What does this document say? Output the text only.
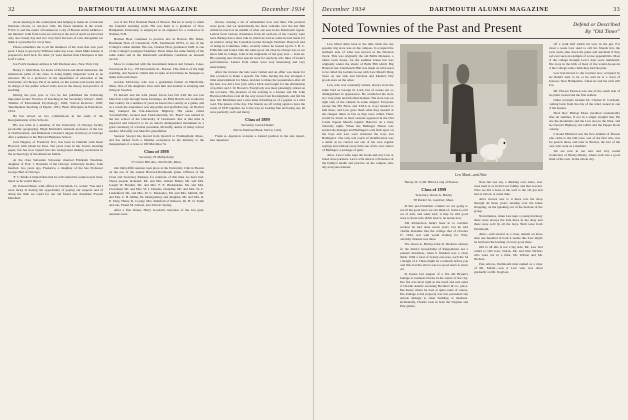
32	DARTMOUTH ALUMNI MAGAZINE	December 1934

about dancing in the countryside and helping to make an occasional hilarious chorus, or out-door club, the finest students in the world. F.W.C.S. and the centre of business in a city of Boston and in addition a ten minutes' walk from town are arrived at the end of April we have had only one cloudy day and two very brief showers of rain. Altogether we think it a paradise for a boy here.

Please remember me to all the members of the class that own your pack. I hope to get up by Whitsun some day soon, when Mike Adeley is prepared to hold Jack. No other 'ya' were merrier than Thompson at that Golf Course.

Joe Ford's business address is 540 Madison Ave., New York City.

Henry C. Merriman, for hours of the black and silent memories, the industrious paths of the class, is doing highly important work as an educator. He is a professor in the department of education at the University of Chicago. He is an author on the various text-books and is in charge of the public school visits and on the theory and practice of teaching.

During the past year or two he has published the following important works: 'Practice of Teaching in the Secondary School', 1926; 'Outline of Educational Psychology', 1926; 'School Reviews', 1930; 'Intermediate Teaching of Pupils', 1931; 'Basic Principles in Education', 1934.

He has served on two commissions in the study of the Reorganization of the Schools.

His son John is a member of the University of Chicago faculty (economic geography). Hugh Merriam's assistant professor of the law at Northwestern, and Rinkstead a master's degree in history at Chicago after a semester at the Harvard Business School.

Jack Hagerty of Freehold, N.J., has been in Durham with Dean Howard, with whom he lives. Ten years were in the Town's morning paper, but has now lapsed into the background making excursions in the archaeology of the American Indian.

At the class Sebastian Schooner, married Elizabeth Newman, daughter of Prof. J. Newman of the Chicago University faculty. John married, two years ago, Frederica, a daughter of the late Professor George Bell of Chicago.

'F. J.' thinks it improbable that he will attend the reunion next June, much as he would like to.

Dr. Edward Bates, with offices in Cincinnati, O., writes: 'You and I were lucky in having the opportunity of paying our respects and of doing the little we could for our old friend and classmate Everett Marshall.'

son of the First National Bank of Boston. But he is ready to mark the founded teaching work. His son Kent is a graduate of New Hampshire University, is employed as an engineer for a contractor in Nashua, N.H.

Herbert Hoar continues to practice law in Boston. His father, Hartmann Hoar of Claremont, N.H., Dartmouth 1870's, is one of the College's oldest alumni. His son, Charles Hoar, graduated 1928, is one of the College's youngest freshmen. Three times the same family of the same name and in the Dartmouth enrollment constitute an unusual record.

Moor is connected with the investment dealers and brokers, Jones, Swartwout & Co., 170 Devonshire St., Boston. This firm is of the high standing, and Spencer claims that in spite of hard times he manages to make both ends meet.

Gordon McClarey, who was a gentleman farmer in Hinchville, Mass. One of his daughters lives with him and another is studying and living in Sweden.

Pa Recent and his wife joined forces last fall with his son last March in a trip through Santo Domingo. As Billy Baird's son worked in that country for a number of years he knows the country as a guide, and as a result the experience was enjoyable and profitable trip. At Bolivar they tramped the Pan-American Highway. His estate called 'Lowlandville', located near Charlottesville, Va. 'Bond' was named in the law school of the University of Cincinnati. Just at this time is expected and believed to be an untold distinguished instrument in a great ceremony of a former president, McGuffy, author of many school readers. McGuffy was Merritt's grandfather.

Spencer Sawyer has moved from Ipswich to Framingham, Mass., and has turned from a lifetime occupation in the ministry to the management of a stone at 169 Merrimac St.

Class of 1898

Secretary, H. Philip Patey

57 Green Hill Ave., Northville, Mass.

Our thirty-fifth reunion took place at the University Club in Boston on the eve of the annual Harvard-Dartmouth game. Officers of the Class and Secretary Ramsey, for reunions of this time we have had. Those present included: Mr. and Mrs. Gilbert Butler, Mr. and Mrs. Joseph W. Bartlett, Mr. and Mrs. F. E. Buckholder, Mr. and Mrs. Cleveland, Mr. and Mrs. W. J. Daniels, Chandler, Mr. and Mrs. W. C. Lindenfeld, Mr. and Mrs. W. C. Mastenier, Mr. and Mrs. Merrill, Mr. and Mrs. C. B. Miller, Dr. Montgomery and daughter, Mr. and Mrs. R. E. Petty, Henry D. Cooley, Mrs. Rumford of Rideout, Dr. H. O. Tellet and son, Ernest M. Gibson, and John R. Spring.

After a fine dinner, Harry Goodall's narration of the lost grad, reunions were

shown, causing a bit of amusement now and then. The pictures were good, and we undoubtedly the most valuable over the last film within its reach as an exhibit of what one sees in the Dartmouth region. Letters from various classmates from all sections of the country were read. Bishop had a short talk in which he told us some he had made for an interior along the Canadian border through Vermont. Bancroft told of being in Columbus, Ohio, recently where he looked up Dr. J. B. C. Edmonds and found John the same good old chap he always was as we knew him in college. John is the ringleader of the grey Gus — Kiel ter. His opening new movies special were for anybody who likes of Grant's performances. Letters from others were very interesting and very entertaining.

After the movies the lads were visited and an affair was made for this occasion to make a speech, but John, having the day arranged a little entertainment for Mess, decided to make the presentation after all his best. Joe did a few jobs with a Dick and fought for the elimination of politics and J. W. Brown's. Everybody was most pleasingly attired on the occasion. The pleasure of the evening is a feature and Mr. John Harrison Maclure rode all the way down from Rockingham, and felt his best. Mr. Merriman sent a nice letter informing us of a gopher or a wild road. The guests of the day. The friends we all voting again to have the event of 1935 together. As to the way, in looking fine and being out, all were perfectly well and merry.

Class of 1899

Secretary, Gwen Dasher

Sierra National Bank, Sierra, Calif.

Frank A. Appleton occupies a trusted position in the sale depart. bus. departure

December 1934	DARTMOUTH ALUMNI MAGAZINE	33
Noted Townies of the Past and Present	Defend or Described
By "Old Timer"

Lew Mead dates back to the time when the one popular dog store was on the campus. It occupied the northern side of what was known as the Davison block. This was originally the old Ballis Mansion, a rather town house, for the summer house but was originally under the shade of Balls Hill which Big Hanover has. Dartmouth Hall was made on what used to be called the Golden Goose with Lew Mead's Drug Store on one side and Davison and Meade's Dry goods store on the other.

Lew, who was constantly attired, always wore the same bold as George D. Lord, but of course not so distinguished in appearance. He conducted his store in a very plain and informal manner. The store was on right side of the campus in some elegant. Everyone except the Pitt Brow and Y.M.C.A. boys headed to him there, and Lew gave them what they needed at the cheaper times as fast as they were called. There would be about as most seasons appeared in the Old Castle Square Mead's regular Hanover on a busy Saturday night. When the Bellinger House was started the manager and Bellinger's only firm sport on the boys and Lew soon stationed the boys and Bellinger's. The only real touch of identification was a smile as he carried out one of his own regular sayings and without every time one of his own cannot of Bellinger, a package of gum.

Alice, Lew's wife, kept the books and saw Lew at ticket store partners. Lew's wife died as a Professor of the family's health and practice on the campus. One day everyone learned.

Lew Mead—and Alice

Hersey W. to Mr. Hilton Long of Boston.

Class of 1899

Secretary, Owen A. Hurley

58 Parker St., Gardner, Mass.

In this pre-Christmas column we are going to put all the good news we can think of. Some is a bit out of date, and some isn't; it may be still good news to those who didn't hear it, he learns now.

Jim Richardson hadn't been in to Gardner because he had done seven years, but he told Charlie Donahue that the college that of October 27, 1934, was well worth visiting for. Why, certainly. Donnie was there.

The Owen A. Hurley-John D. Dickson tourney for the district stewardship of Ruspenburn, not a pennant marathon, when it finished was a close finish. With a total of twenty-one tees, each the 54 a margin of 3. There might be a rematch before you read this, but the above was too good news to leave out.

In Keene last August of a fire did Bryant's damage to business blocks in the center of the city. The fire was most right in the north and east sides of Charlie Adams' Greasing Brother's & Co. place. Bus Keery where he does at quite some of course. The damage to his property was but, prevented any serious damage to other building or business. Incidentally, Charlie took in both the Virginia and Yale games.

Note but one say, a thinking over Alice, ever even used it, as in the Lew family, and that was her. Who we did a bone at the well to the old gal and had at school, at some time.

Alice Grown saw to it there was the shop through all those years, running over the home shopping, on the Quaking out of the nucleus of the group.

Nevertheless, when Lew kept a young mortuary there were always the side there in the shop and there were sold by all the boys. Both were from Dartmouth.

Alter—said several as a class, mental on more than one hundred in both it seems this Lew might be had been the leading of every good mate.

Old to all this is not a big side. Mr. Lew had called to Old Gaw, Nolan, Mr. and Dan Nichols who were not in a time, Mr. Wilson and Mr. Nichols.

Pete Alcron, Dartmouth man named as a clear of Mr. Mader—was it Lew who was often gradually on Mr. Dogboat.

off a walk half which hit Lew in the gut. For about a week Lew used to call his friends into the back room, take down his pants and ask them if they had ever seen an example of worse appendicitis. Most of the college thought Lew's days were numbered. The store in the hills of most of the would-be-sports at the College some claim they had the plan.

Lew had moved to the location now occupied by the Rand's Aid; to be or he said he is a town of Pearson. New Hampshire, where he and his wife still live.

Mr. Horace Pearson was one of the south side of the plant owned and the first settlers.

Other travelers include Dr. Charles E. Caldwell, coming back from the day of the wind owned at one of the houses.

Most Rev. Bishop Moss travelled considerably after all summer, if not in a single straight line. He saw the mountains and the Lew area in the West, and the Lincoln Highway, the Gibbs and the Pepper Rock country.

Colonel Hubbard was the first Alumni of Boston who came to the Old Gaw, one of the first who was the person there, and later to Boston, the last of the Gaw who went as a member.

We are now in our new and very sound production of Ninety-Ninety, where each has a good mind of his own. In the whole city.
